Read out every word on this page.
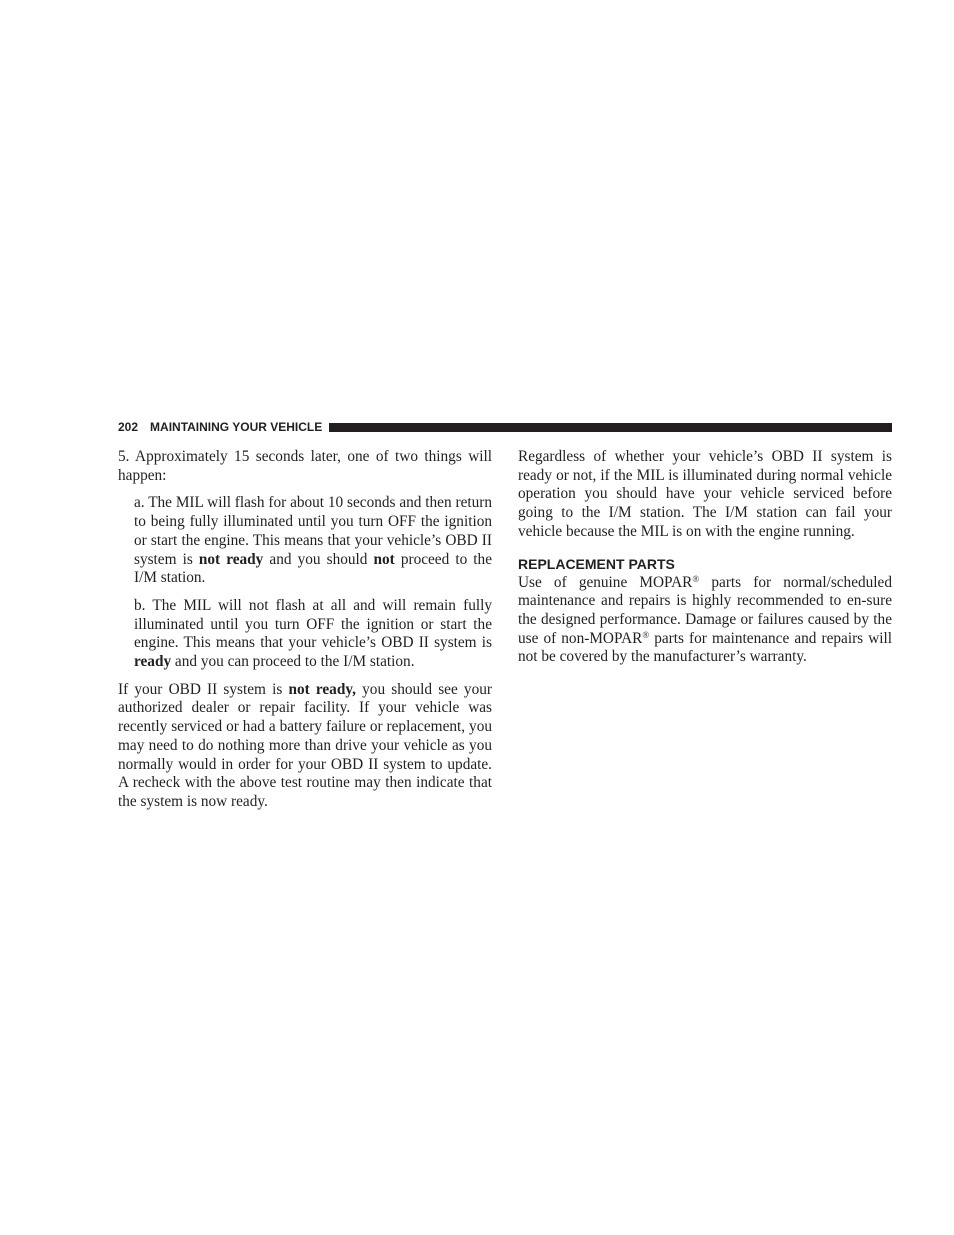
202 MAINTAINING YOUR VEHICLE

5. Approximately 15 seconds later, one of two things will happen:

a. The MIL will flash for about 10 seconds and then return to being fully illuminated until you turn OFF the ignition or start the engine. This means that your vehicle’s OBD II system is not ready and you should not proceed to the I/M station.

b. The MIL will not flash at all and will remain fully illuminated until you turn OFF the ignition or start the engine. This means that your vehicle’s OBD II system is ready and you can proceed to the I/M station.

If your OBD II system is not ready, you should see your authorized dealer or repair facility. If your vehicle was recently serviced or had a battery failure or replacement, you may need to do nothing more than drive your vehicle as you normally would in order for your OBD II system to update. A recheck with the above test routine may then indicate that the system is now ready.

Regardless of whether your vehicle’s OBD II system is ready or not, if the MIL is illuminated during normal vehicle operation you should have your vehicle serviced before going to the I/M station. The I/M station can fail your vehicle because the MIL is on with the engine running.

REPLACEMENT PARTS

Use of genuine MOPAR® parts for normal/scheduled maintenance and repairs is highly recommended to en-sure the designed performance. Damage or failures caused by the use of non-MOPAR® parts for maintenance and repairs will not be covered by the manufacturer’s warranty.
